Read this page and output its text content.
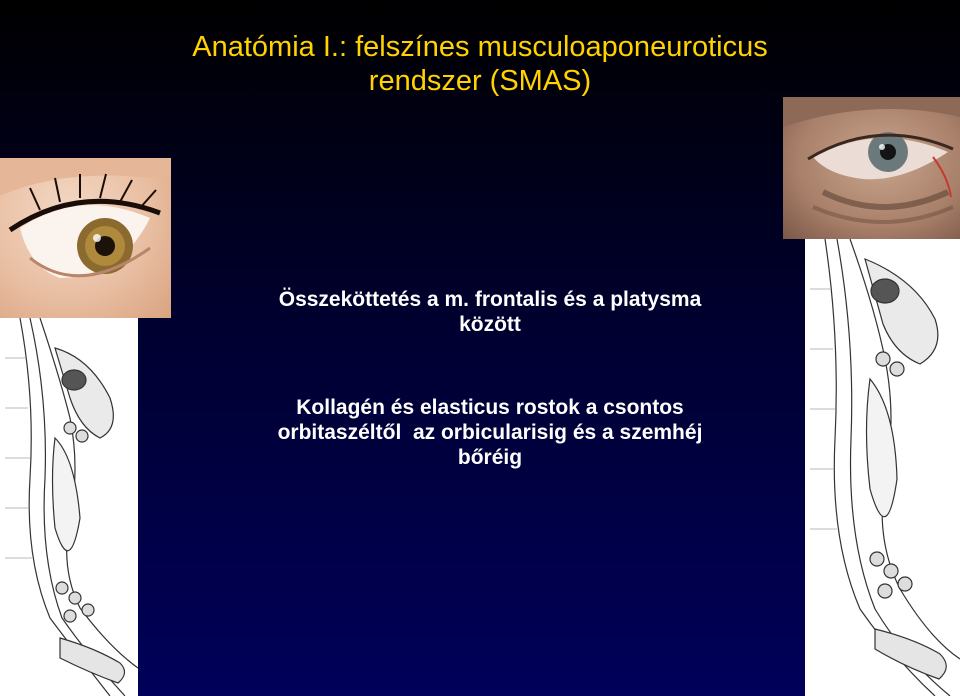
Anatómia I.: felszínes musculoaponeuroticus
rendszer (SMAS)
Összeköttetés a m. frontalis és a platysma
között
Kollagén és elasticus rostok a csontos
orbitaszéltől  az orbicularisig és a szemhéj
bőréig
